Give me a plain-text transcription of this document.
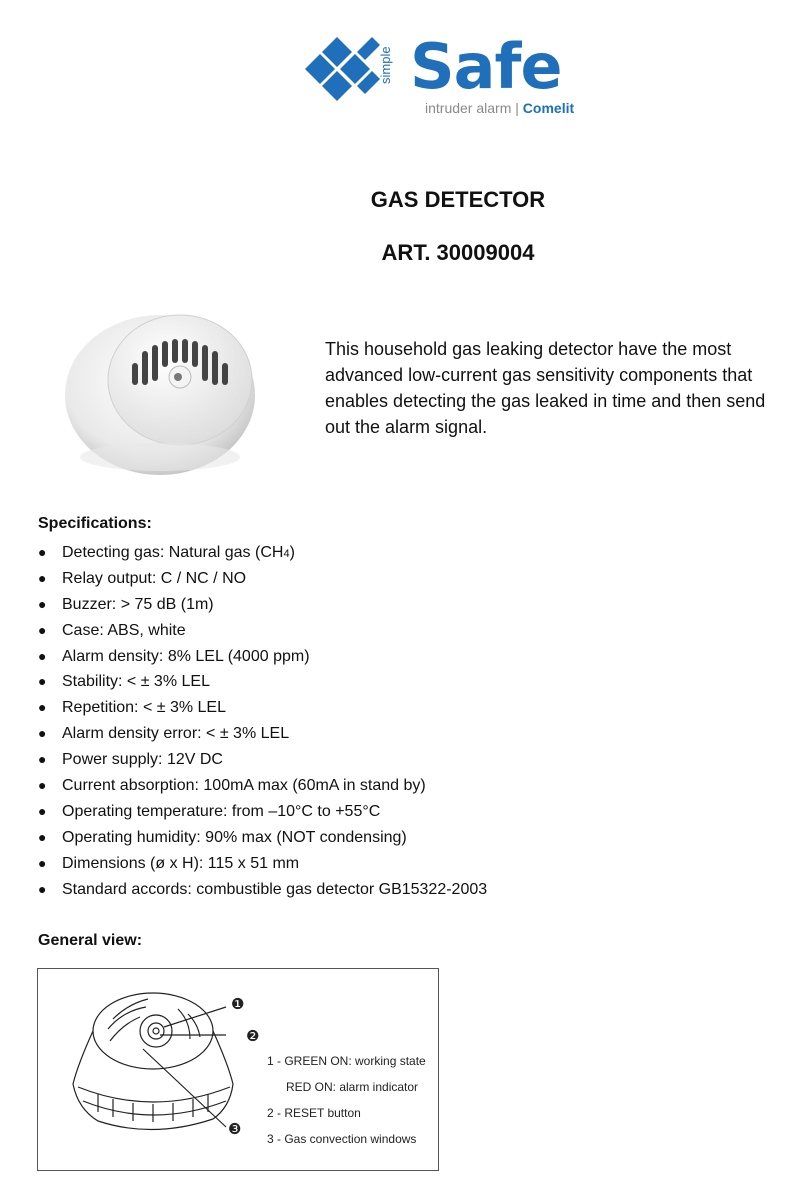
simple Safe
intruder alarm | Comelit
GAS DETECTOR
ART. 30009004
This household gas leaking detector have the most advanced low-current gas sensitivity components that enables detecting the gas leaked in time and then send out the alarm signal.
Specifications:
● Detecting gas: Natural gas (CH4)
● Relay output: C / NC / NO
● Buzzer: > 75 dB (1m)
● Case: ABS, white
● Alarm density: 8% LEL (4000 ppm)
● Stability: < ± 3% LEL
● Repetition: < ± 3% LEL
● Alarm density error: < ± 3% LEL
● Power supply: 12V DC
● Current absorption: 100mA max (60mA in stand by)
● Operating temperature: from –10°C to +55°C
● Operating humidity: 90% max (NOT condensing)
● Dimensions (ø x H): 115 x 51 mm
● Standard accords: combustible gas detector GB15322-2003
General view:
❶
❷
❸
1 - GREEN ON: working state
RED ON: alarm indicator
2 - RESET button
3 - Gas convection windows
